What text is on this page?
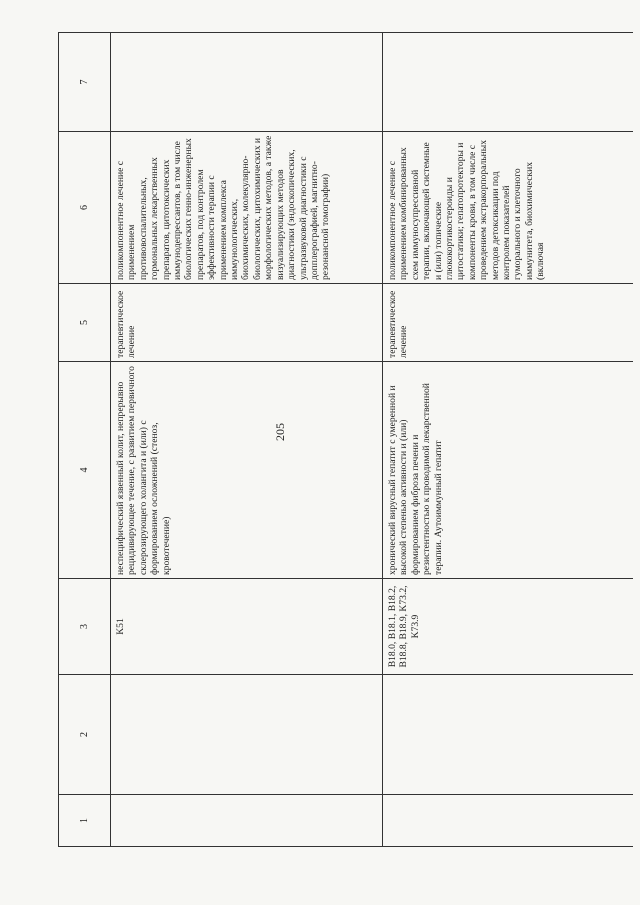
205
1
2
3
4
5
6
7
K51
неспецифический язвенный колит, непрерывно рецидивирующее течение, с развитием первичного склерозирующего холангита и (или) с формированием осложнений (стеноз, кровотечение)
терапевтическое лечение
поликомпонентное лечение с применением противовоспалительных, гормональных лекарственных препаратов, цитотоксических иммунодепрессантов, в том числе биологических генно-инженерных препаратов, под контролем эффективности терапии с применением комплекса иммунологических, биохимических, молекулярно-биологических, цитохимических и морфологических методов, а также визуализирующих методов диагностики (эндоскопических, ультразвуковой диагностики с допплерографией, магнитно-резонансной томографии)
B18.0, B18.1, B18.2, B18.8, B18.9, K73.2, K73.9
хронический вирусный гепатит с умеренной и высокой степенью активности и (или) формированием фиброза печени и резистентностью к проводимой лекарственной терапии. Аутоиммунный гепатит
терапевтическое лечение
поликомпонентное лечение с применением комбинированных схем иммуносупрессивной терапии, включающей системные и (или) топические глюкокортикостероиды и цитостатики; гепатопротекторы и компоненты крови, в том числе с проведением экстракорпоральных методов детоксикации под контролем показателей гуморального и клеточного иммунитета, биохимических (включая
